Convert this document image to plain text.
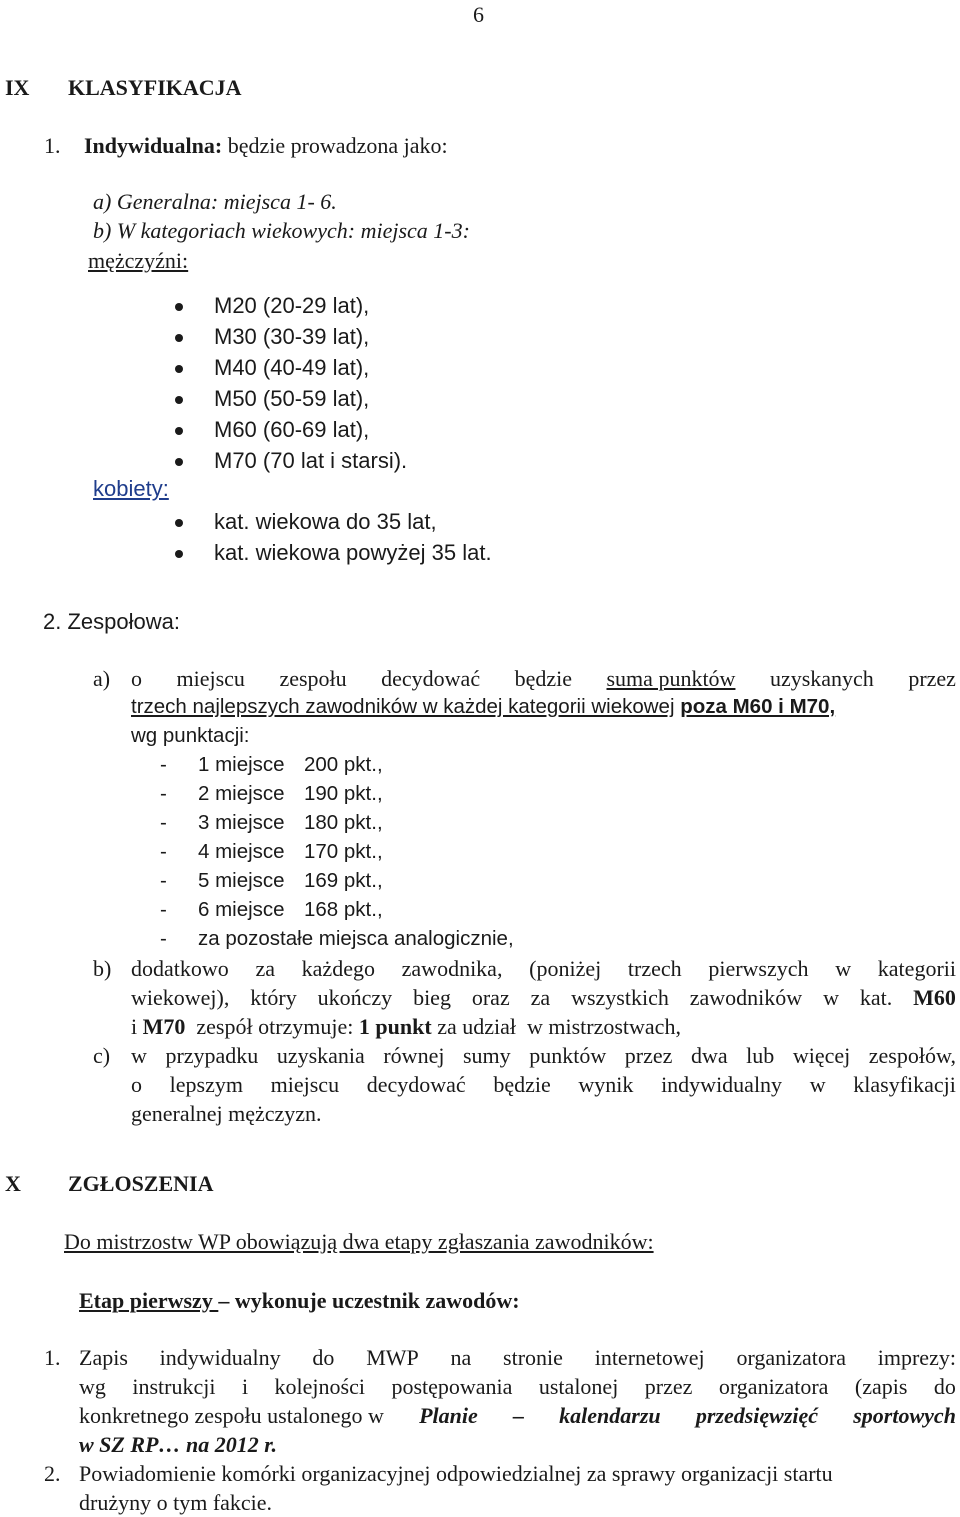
6
IX KLASYFIKACJA
1. Indywidualna: będzie prowadzona jako:
a) Generalna: miejsca 1- 6.
b) W kategoriach wiekowych: miejsca 1-3:
mężczyźni:
M20 (20-29 lat),
M30 (30-39 lat),
M40 (40-49 lat),
M50 (50-59 lat),
M60 (60-69 lat),
M70 (70 lat i starsi).
kobiety:
kat. wiekowa do 35 lat,
kat. wiekowa powyżej 35 lat.
2. Zespołowa:
a) o miejscu zespołu decydować będzie suma punktów uzyskanych przez
trzech najlepszych zawodników w każdej kategorii wiekowej poza M60 i M70,
wg punktacji:
- 1 miejsce 200 pkt.,
- 2 miejsce 190 pkt.,
- 3 miejsce 180 pkt.,
- 4 miejsce 170 pkt.,
- 5 miejsce 169 pkt.,
- 6 miejsce 168 pkt.,
- za pozostałe miejsca analogicznie,
b) dodatkowo za każdego zawodnika, (poniżej trzech pierwszych w kategorii
wiekowej), który ukończy bieg oraz za wszystkich zawodników w kat. M60
i M70  zespół otrzymuje: 1 punkt za udział  w mistrzostwach,
c) w przypadku uzyskania równej sumy punktów przez dwa lub więcej zespołów,
o lepszym miejscu decydować będzie wynik indywidualny w klasyfikacji
generalnej mężczyzn.
X ZGŁOSZENIA
Do mistrzostw WP obowiązują dwa etapy zgłaszania zawodników:
Etap pierwszy – wykonuje uczestnik zawodów:
1. Zapis indywidualny do MWP na stronie internetowej organizatora imprezy:
wg instrukcji i kolejności postępowania ustalonej przez organizatora (zapis do
konkretnego zespołu ustalonego w Planie – kalendarzu przedsięwzięć sportowych
w SZ RP… na 2012 r.
2. Powiadomienie komórki organizacyjnej odpowiedzialnej za sprawy organizacji startu
drużyny o tym fakcie.
